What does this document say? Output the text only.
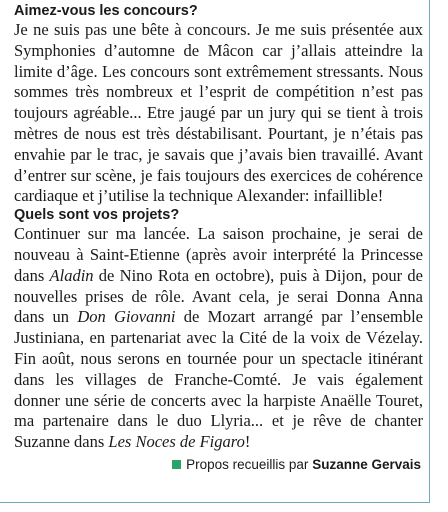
Aimez-vous les concours?

Je ne suis pas une bête à concours. Je me suis présentée aux Symphonies d’automne de Mâcon car j’allais atteindre la limite d’âge. Les concours sont extrêmement stressants. Nous sommes très nombreux et l’esprit de compétition n’est pas toujours agréable... Etre jaugé par un jury qui se tient à trois mètres de nous est très déstabilisant. Pourtant, je n’étais pas envahie par le trac, je savais que j’avais bien travaillé. Avant d’entrer sur scène, je fais toujours des exercices de cohérence cardiaque et j’utilise la technique Alexander: infaillible!

Quels sont vos projets?

Continuer sur ma lancée. La saison prochaine, je serai de nouveau à Saint-Etienne (après avoir interprété la Princesse dans Aladin de Nino Rota en octobre), puis à Dijon, pour de nouvelles prises de rôle. Avant cela, je serai Donna Anna dans un Don Giovanni de Mozart arrangé par l’ensemble Justiniana, en partenariat avec la Cité de la voix de Vézelay. Fin août, nous serons en tournée pour un spectacle itinérant dans les villages de Franche-Comté. Je vais également donner une série de concerts avec la harpiste Anaëlle Touret, ma partenaire dans le duo Llyria... et je rêve de chanter Suzanne dans Les Noces de Figaro!

Propos recueillis par Suzanne Gervais
